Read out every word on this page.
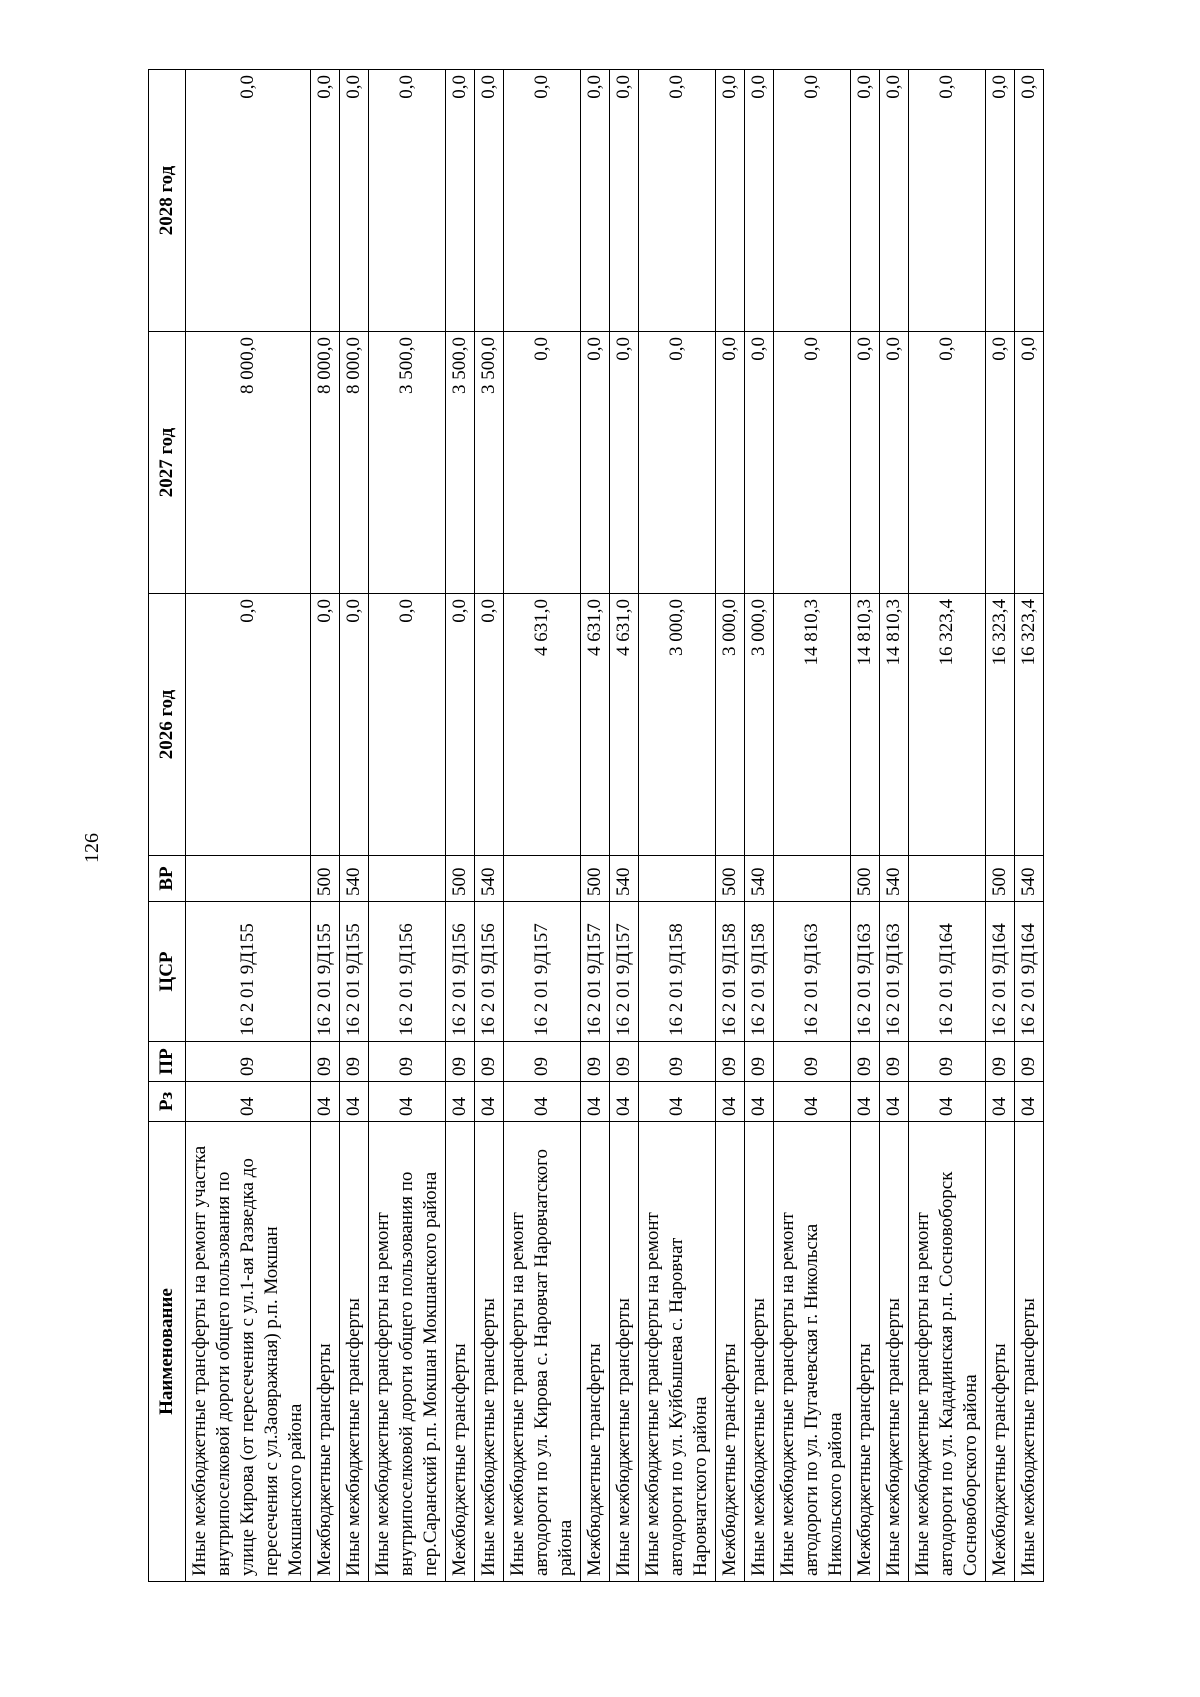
126
Наименование	Рз	ПР	ЦСР	ВР	2026 год	2027 год	2028 год
Иные межбюджетные трансферты на ремонт участка внутрипоселковой дороги общего пользования по улице Кирова (от пересечения с ул.1-ая Разведка до пересечения с ул.Заовражная) р.п. Мокшан Мокшанского района	04	09	16 2 01 9Д155		0,0	8 000,0	0,0
Межбюджетные трансферты	04	09	16 2 01 9Д155	500	0,0	8 000,0	0,0
Иные межбюджетные трансферты	04	09	16 2 01 9Д155	540	0,0	8 000,0	0,0
Иные межбюджетные трансферты на ремонт внутрипоселковой дороги общего пользования по пер.Саранский р.п. Мокшан Мокшанского района	04	09	16 2 01 9Д156		0,0	3 500,0	0,0
Межбюджетные трансферты	04	09	16 2 01 9Д156	500	0,0	3 500,0	0,0
Иные межбюджетные трансферты	04	09	16 2 01 9Д156	540	0,0	3 500,0	0,0
Иные межбюджетные трансферты на ремонт автодороги по ул. Кирова с. Наровчат Наровчатского района	04	09	16 2 01 9Д157		4 631,0	0,0	0,0
Межбюджетные трансферты	04	09	16 2 01 9Д157	500	4 631,0	0,0	0,0
Иные межбюджетные трансферты	04	09	16 2 01 9Д157	540	4 631,0	0,0	0,0
Иные межбюджетные трансферты на ремонт автодороги по ул. Куйбышева с. Наровчат Наровчатского района	04	09	16 2 01 9Д158		3 000,0	0,0	0,0
Межбюджетные трансферты	04	09	16 2 01 9Д158	500	3 000,0	0,0	0,0
Иные межбюджетные трансферты	04	09	16 2 01 9Д158	540	3 000,0	0,0	0,0
Иные межбюджетные трансферты на ремонт автодороги по ул. Пугачевская г. Никольска Никольского района	04	09	16 2 01 9Д163		14 810,3	0,0	0,0
Межбюджетные трансферты	04	09	16 2 01 9Д163	500	14 810,3	0,0	0,0
Иные межбюджетные трансферты	04	09	16 2 01 9Д163	540	14 810,3	0,0	0,0
Иные межбюджетные трансферты на ремонт автодороги по ул. Кададинская р.п. Сосновоборск Сосновоборского района	04	09	16 2 01 9Д164		16 323,4	0,0	0,0
Межбюджетные трансферты	04	09	16 2 01 9Д164	500	16 323,4	0,0	0,0
Иные межбюджетные трансферты	04	09	16 2 01 9Д164	540	16 323,4	0,0	0,0
